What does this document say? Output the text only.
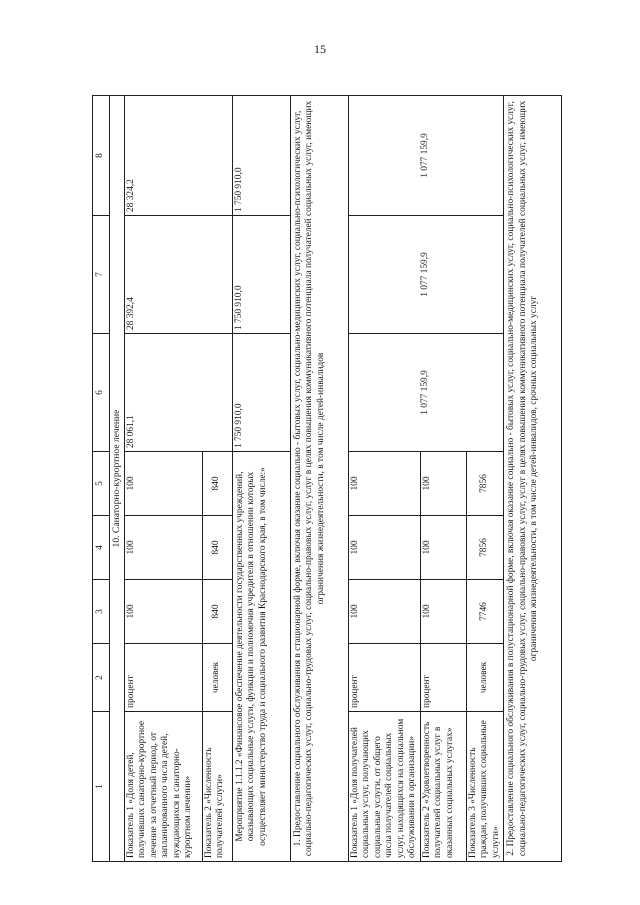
15
1	2	3	4	5	6	7	8
10. Санаторно-курортное лечение							
Показатель 1 «Доля детей, получивших санаторно-курортное лечение за отчетный период, от запланированного числа детей, нуждающихся в санаторно-курортном лечении»	процент	100	100	100	28 061,1	28 392,4	28 324,2
Показатель 2 «Численность получателей услуги»	человек	840	840	840			
Мероприятие 1.1.1.2 «Финансовое обеспечение деятельности государственных учреждений, оказывающих социальные услуги, функции и полномочия учредителя в отношении которых осуществляет министерство труда и социального развития Краснодарского края, в том числе:»					1 750 910,0	1 750 910,0	1 750 910,0
1. Предоставление социального обслуживания в стационарной форме, включая оказание социально - бытовых услуг, социально-медицинских услуг, социально-психологических услуг, социально-педагогических услуг, социально-трудовых услуг, социально-правовых услуг, услуг в целях повышения коммуникативного потенциала получателей социальных услуг, имеющих ограничения жизнедеятельности, в том числе детей-инвалидов							
Показатель 1 «Доля получателей социальных услуг, получающих социальные услуги, от общего числа получателей социальных услуг, находящихся на социальном обслуживании в организации»	процент	100	100	100	1 077 159,9	1 077 159,9	1 077 159,9
Показатель 2 «Удовлетворенность получателей социальных услуг в оказанных социальных услугах»	процент	100	100	100			
Показатель 3 «Численность граждан, получивших социальные услуги»	человек	7746	7856	7856			
2. Предоставление социального обслуживания в полустационарной форме, включая оказание социально - бытовых услуг, социально-медицинских услуг, социально-психологических услуг, социально-педагогических услуг, социально-трудовых услуг, социально-правовых услуг, услуг в целях повышения коммуникативного потенциала получателей социальных услуг, имеющих ограничения жизнедеятельности, в том числе детей-инвалидов, срочных социальных услуг							
